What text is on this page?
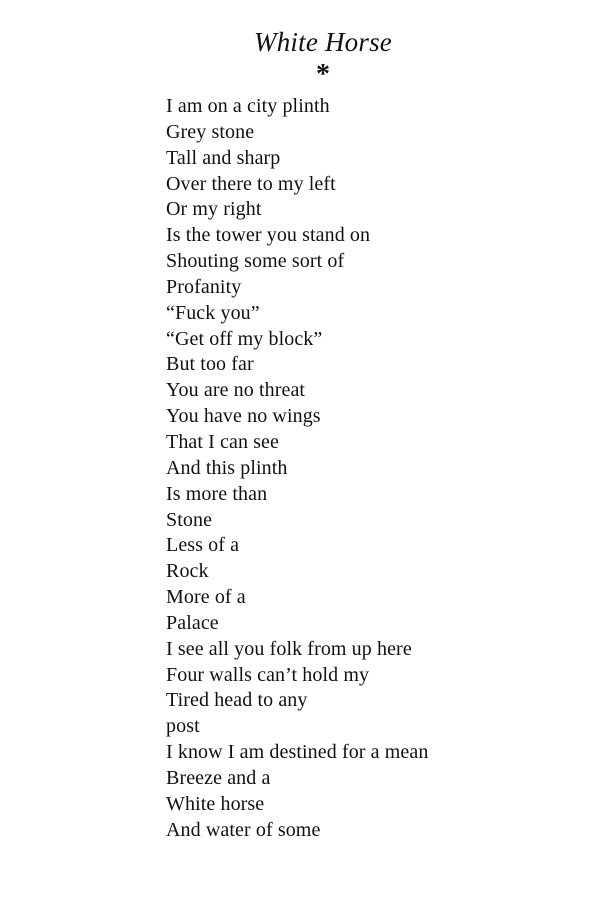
White Horse
*
I am on a city plinth
Grey stone
Tall and sharp
Over there to my left
Or my right
Is the tower you stand on
Shouting some sort of
Profanity
“Fuck you”
“Get off my block”
But too far
You are no threat
You have no wings
That I can see
And this plinth
Is more than
Stone
Less of a
Rock
More of a
Palace
I see all you folk from up here
Four walls can’t hold my
Tired head to any
post
I know I am destined for a mean
Breeze and a
White horse
And water of some
